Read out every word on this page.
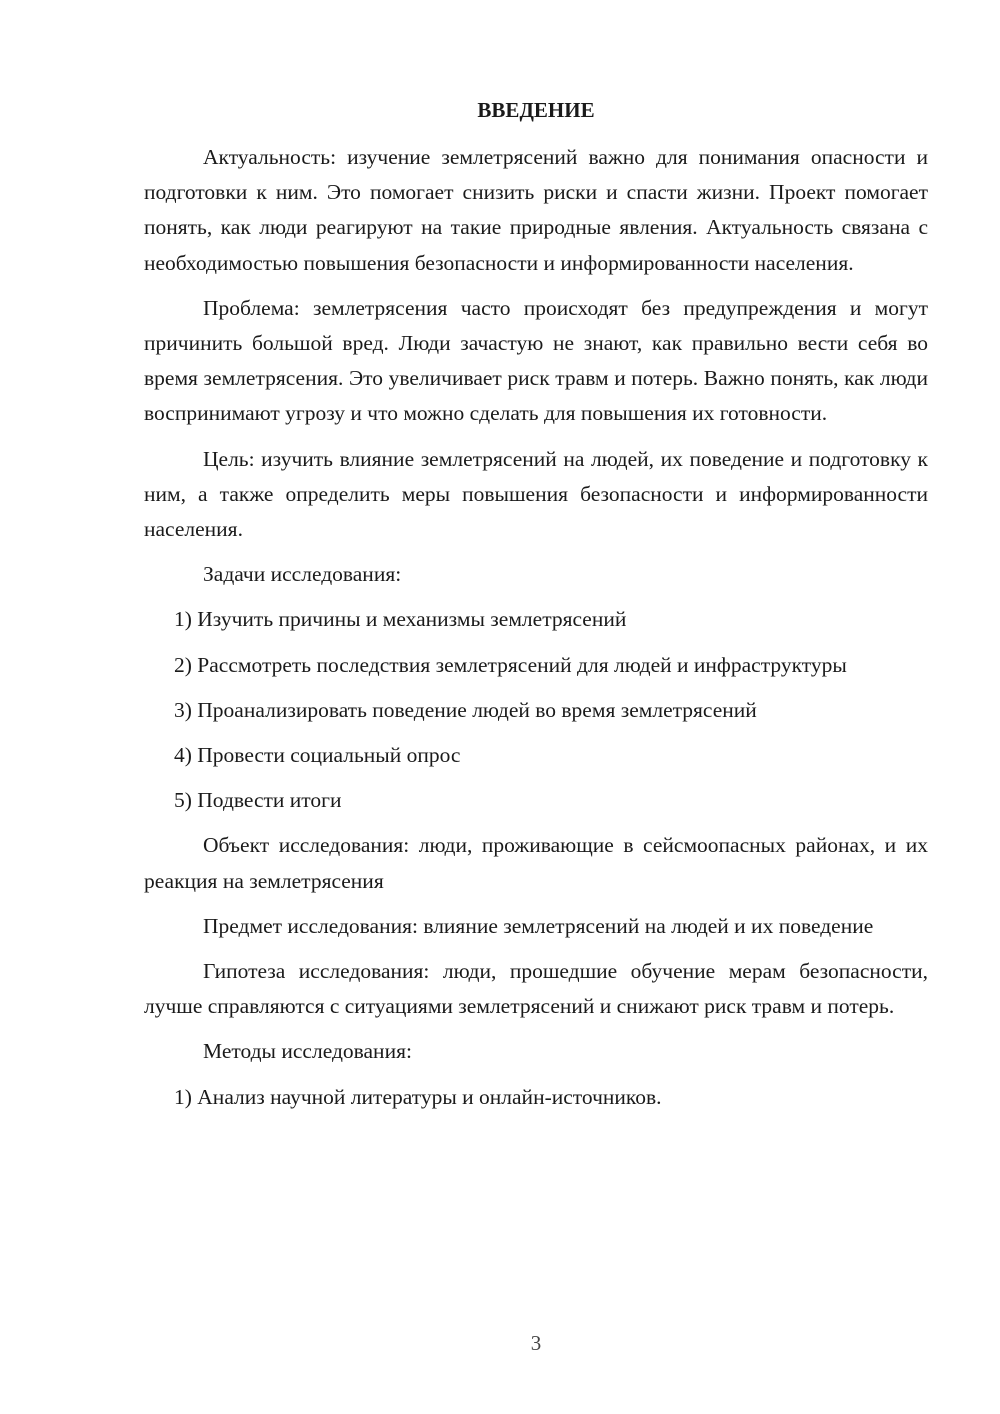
ВВЕДЕНИЕ

Актуальность: изучение землетрясений важно для понимания опасности и подготовки к ним. Это помогает снизить риски и спасти жизни. Проект помогает понять, как люди реагируют на такие природные явления. Актуальность связана с необходимостью повышения безопасности и информированности населения.

Проблема: землетрясения часто происходят без предупреждения и могут причинить большой вред. Люди зачастую не знают, как правильно вести себя во время землетрясения. Это увеличивает риск травм и потерь. Важно понять, как люди воспринимают угрозу и что можно сделать для повышения их готовности.

Цель: изучить влияние землетрясений на людей, их поведение и подготовку к ним, а также определить меры повышения безопасности и информированности населения.

Задачи исследования:

1) Изучить причины и механизмы землетрясений

2) Рассмотреть последствия землетрясений для людей и инфраструктуры

3) Проанализировать поведение людей во время землетрясений

4) Провести социальный опрос

5) Подвести итоги

Объект исследования: люди, проживающие в сейсмоопасных районах, и их реакция на землетрясения

Предмет исследования: влияние землетрясений на людей и их поведение

Гипотеза исследования: люди, прошедшие обучение мерам безопасности, лучше справляются с ситуациями землетрясений и снижают риск травм и потерь.

Методы исследования:

1) Анализ научной литературы и онлайн-источников.

3
